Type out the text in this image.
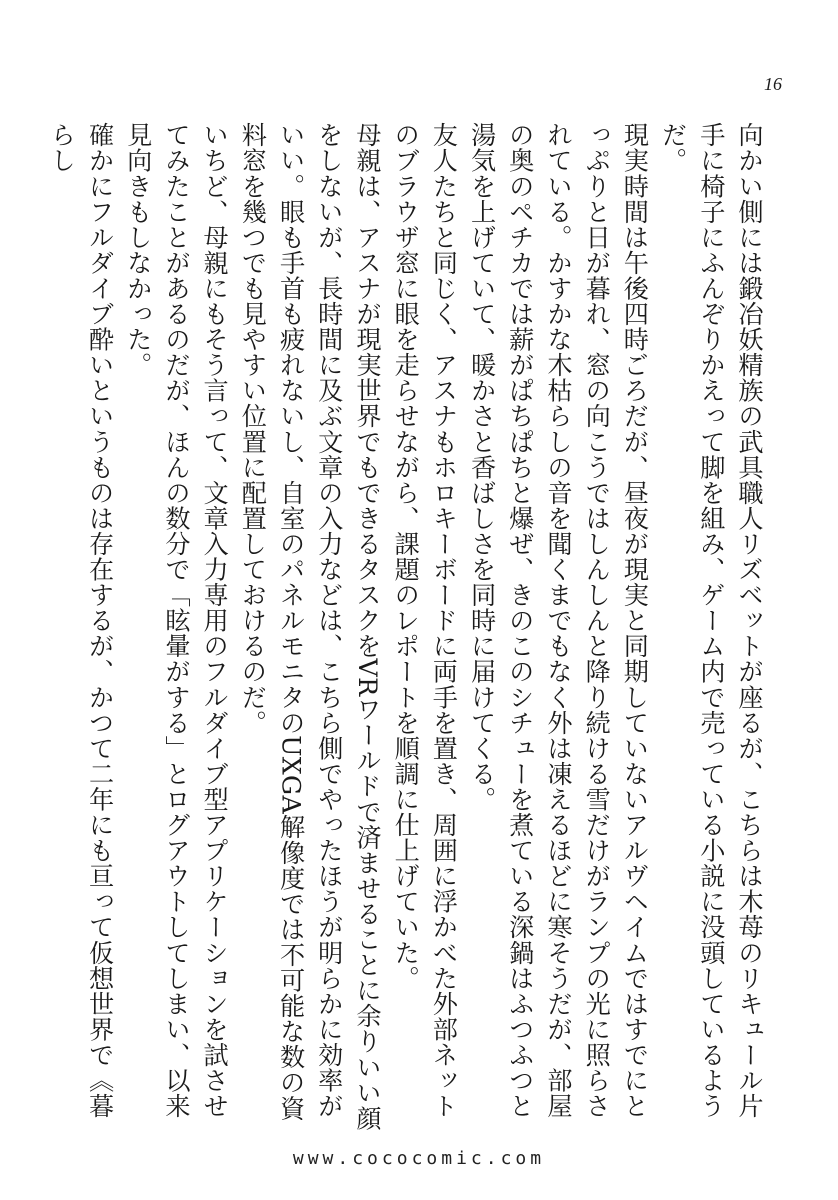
16

向かい側には鍛冶妖精族の武具職人リズベットが座るが、こちらは木苺のリキュール片手に椅子にふんぞりかえって脚を組み、ゲーム内で売っている小説に没頭しているようだ。

現実時間は午後四時ごろだが、昼夜が現実と同期していないアルヴヘイムではすでにとっぷりと日が暮れ、窓の向こうではしんしんと降り続ける雪だけがランプの光に照らされている。かすかな木枯らしの音を聞くまでもなく外は凍えるほどに寒そうだが、部屋の奥のペチカでは薪がぱちぱちと爆ぜ、きのこのシチューを煮ている深鍋はふつふつと湯気を上げていて、暖かさと香ばしさを同時に届けてくる。

友人たちと同じく、アスナもホロキーボードに両手を置き、周囲に浮かべた外部ネットのブラウザ窓に眼を走らせながら、課題のレポートを順調に仕上げていた。

母親は、アスナが現実世界でもできるタスクをVRワールドで済ませることに余りいい顔をしないが、長時間に及ぶ文章の入力などは、こちら側でやったほうが明らかに効率がいい。眼も手首も疲れないし、自室のパネルモニタのUXGA解像度では不可能な数の資料窓を幾つでも見やすい位置に配置しておけるのだ。

いちど、母親にもそう言って、文章入力専用のフルダイブ型アプリケーションを試させてみたことがあるのだが、ほんの数分で「眩暈がする」とログアウトしてしまい、以来見向きもしなかった。

確かにフルダイブ酔いというものは存在するが、かつて二年にも亘って仮想世界で《暮らし

www.cococomic.com
